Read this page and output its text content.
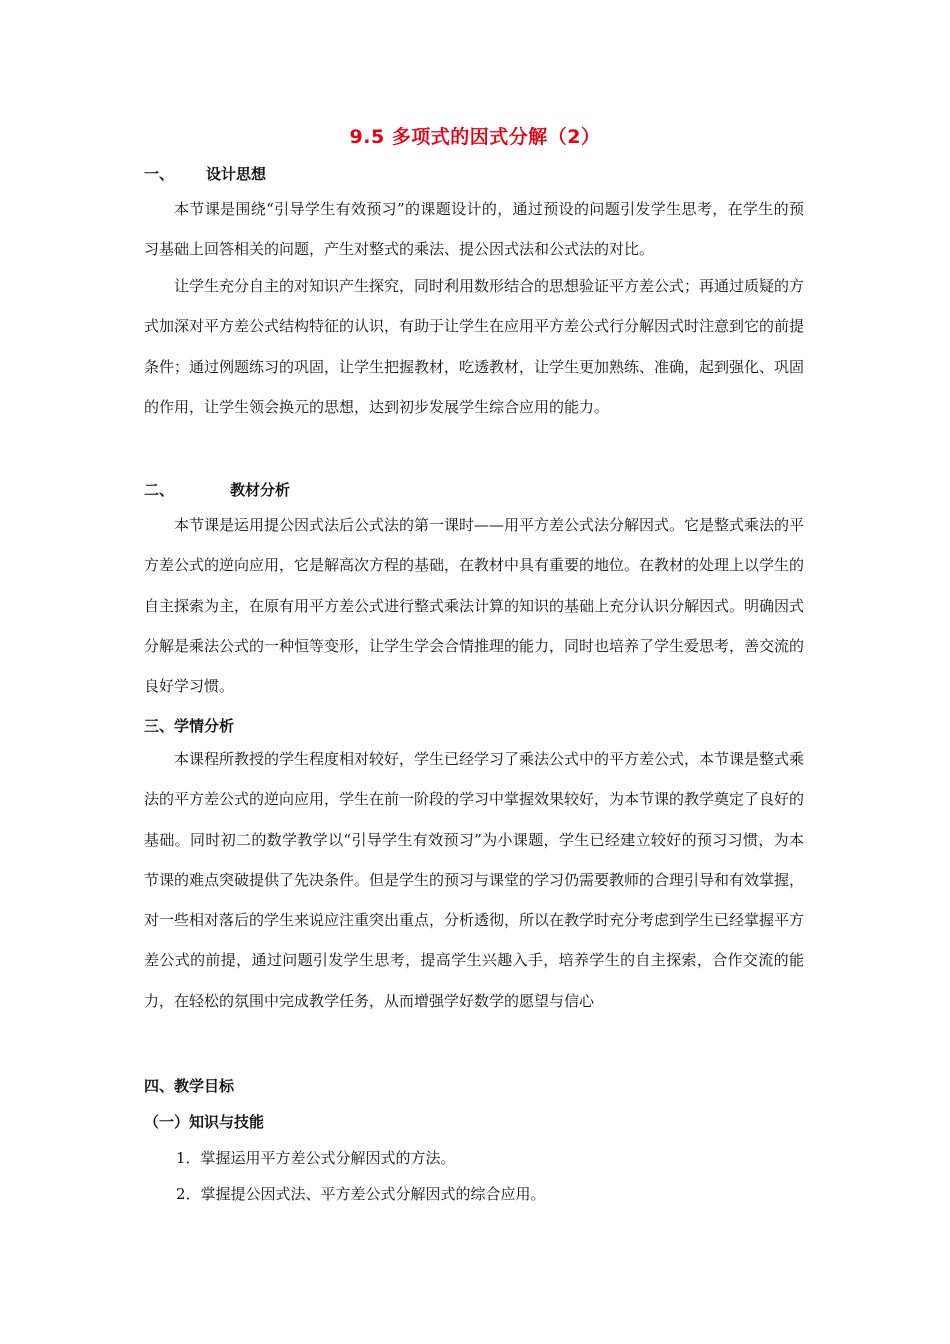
9.5 多项式的因式分解（2）
一、 设计思想

本节课是围绕“引导学生有效预习”的课题设计的，通过预设的问题引发学生思考，在学生的预习基础上回答相关的问题，产生对整式的乘法、提公因式法和公式法的对比。

让学生充分自主的对知识产生探究，同时利用数形结合的思想验证平方差公式；再通过质疑的方式加深对平方差公式结构特征的认识，有助于让学生在应用平方差公式行分解因式时注意到它的前提条件；通过例题练习的巩固，让学生把握教材，吃透教材，让学生更加熟练、准确，起到强化、巩固的作用，让学生领会换元的思想，达到初步发展学生综合应用的能力。

二、	教材分析

本节课是运用提公因式法后公式法的第一课时——用平方差公式法分解因式。它是整式乘法的平方差公式的逆向应用，它是解高次方程的基础，在教材中具有重要的地位。在教材的处理上以学生的自主探索为主，在原有用平方差公式进行整式乘法计算的知识的基础上充分认识分解因式。明确因式分解是乘法公式的一种恒等变形，让学生学会合情推理的能力，同时也培养了学生爱思考，善交流的良好学习惯。

三、学情分析

本课程所教授的学生程度相对较好，学生已经学习了乘法公式中的平方差公式，本节课是整式乘法的平方差公式的逆向应用，学生在前一阶段的学习中掌握效果较好，为本节课的教学奠定了良好的基础。同时初二的数学教学以“引导学生有效预习”为小课题，学生已经建立较好的预习习惯，为本节课的难点突破提供了先决条件。但是学生的预习与课堂的学习仍需要教师的合理引导和有效掌握，对一些相对落后的学生来说应注重突出重点，分析透彻，所以在教学时充分考虑到学生已经掌握平方差公式的前提，通过问题引发学生思考，提高学生兴趣入手，培养学生的自主探索，合作交流的能力，在轻松的氛围中完成教学任务，从而增强学好数学的愿望与信心

四、教学目标
（一）知识与技能
1．掌握运用平方差公式分解因式的方法。
2．掌握提公因式法、平方差公式分解因式的综合应用。
